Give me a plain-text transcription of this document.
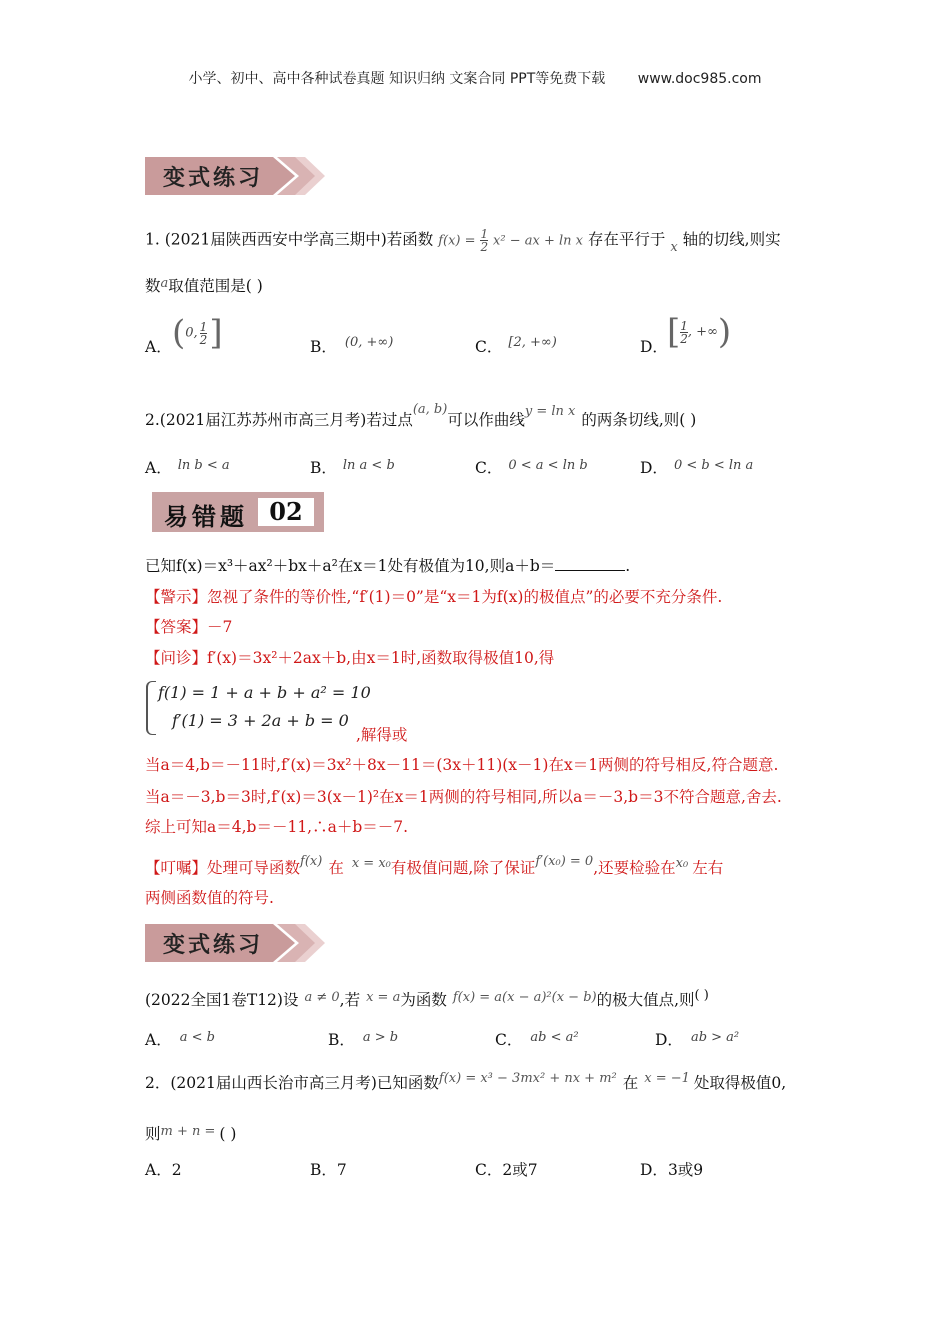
小学、初中、高中各种试卷真题 知识归纳 文案合同 PPT等免费下载 www.doc985.com
变式练习
1. (2021届陕西西安中学高三期中)若函数 $f(x) = \frac{1}{2} x^2$ − ax + ln x 存在平行于 $_x$ 轴的切线,则实
数$^a$取值范围是( )
A． (0, $\frac{1}{2}$ ]	B． $^{(0, +\infty)}$	C． $^{[2, +\infty)}$	D． [ $\frac{1}{2}$ , +∞)
2.(2021届江苏苏州市高三月考)若过点$^{(a, b)}$可以作曲线$^{y = ln x}$ 的两条切线,则( )
A． $^{ln b < a}$	B． $^{ln a < b}$	C． $^{0 < a < ln b}$	D． $^{0 < b < ln a}$
易错题 02
已知f(x)＝x³＋ax²＋bx＋a²在x＝1处有极值为10,则a＋b＝	.
【警示】忽视了条件的等价性,“f′(1)＝0”是“x＝1为f(x)的极值点”的必要不充分条件.
【答案】－7
【问诊】f′(x)＝3x²＋2ax＋b,由x＝1时,函数取得极值10,得
f(1) = 1 + a + b + a² = 10
f′(1) = 3 + 2a + b = 0
,解得或
当a＝4,b＝－11时,f′(x)＝3x²＋8x－11＝(3x＋11)(x－1)在x＝1两侧的符号相反,符合题意.
当a＝－3,b＝3时,f′(x)＝3(x－1)²在x＝1两侧的符号相同,所以a＝－3,b＝3不符合题意,舍去.
综上可知a＝4,b＝－11,∴a＋b＝－7.
【叮嘱】处理可导函数$^{f(x)}$ 在 $^{x = x_0}$有极值问题,除了保证$^{f'(x_0) = 0}$,还要检验在$^{x_0}$ 左右
两侧函数值的符号.
变式练习
(2022全国1卷T12)设 $^{a \ne 0}$,若 $^{x = a}$为函数 $^{f(x) = a(x - a)^2(x - b)}$的极大值点,则( )
A． $^{a < b}$	B． $^{a > b}$	C． $^{ab < a^2}$	D． $^{ab > a^2}$
2．(2021届山西长治市高三月考)已知函数$^{f(x) = x^3 - 3mx^2 + nx + m^2}$ 在 $^{x = -1}$ 处取得极值0,
则$^{m + n =}$ ( )
A．2	B．7	C．2或7	D．3或9
